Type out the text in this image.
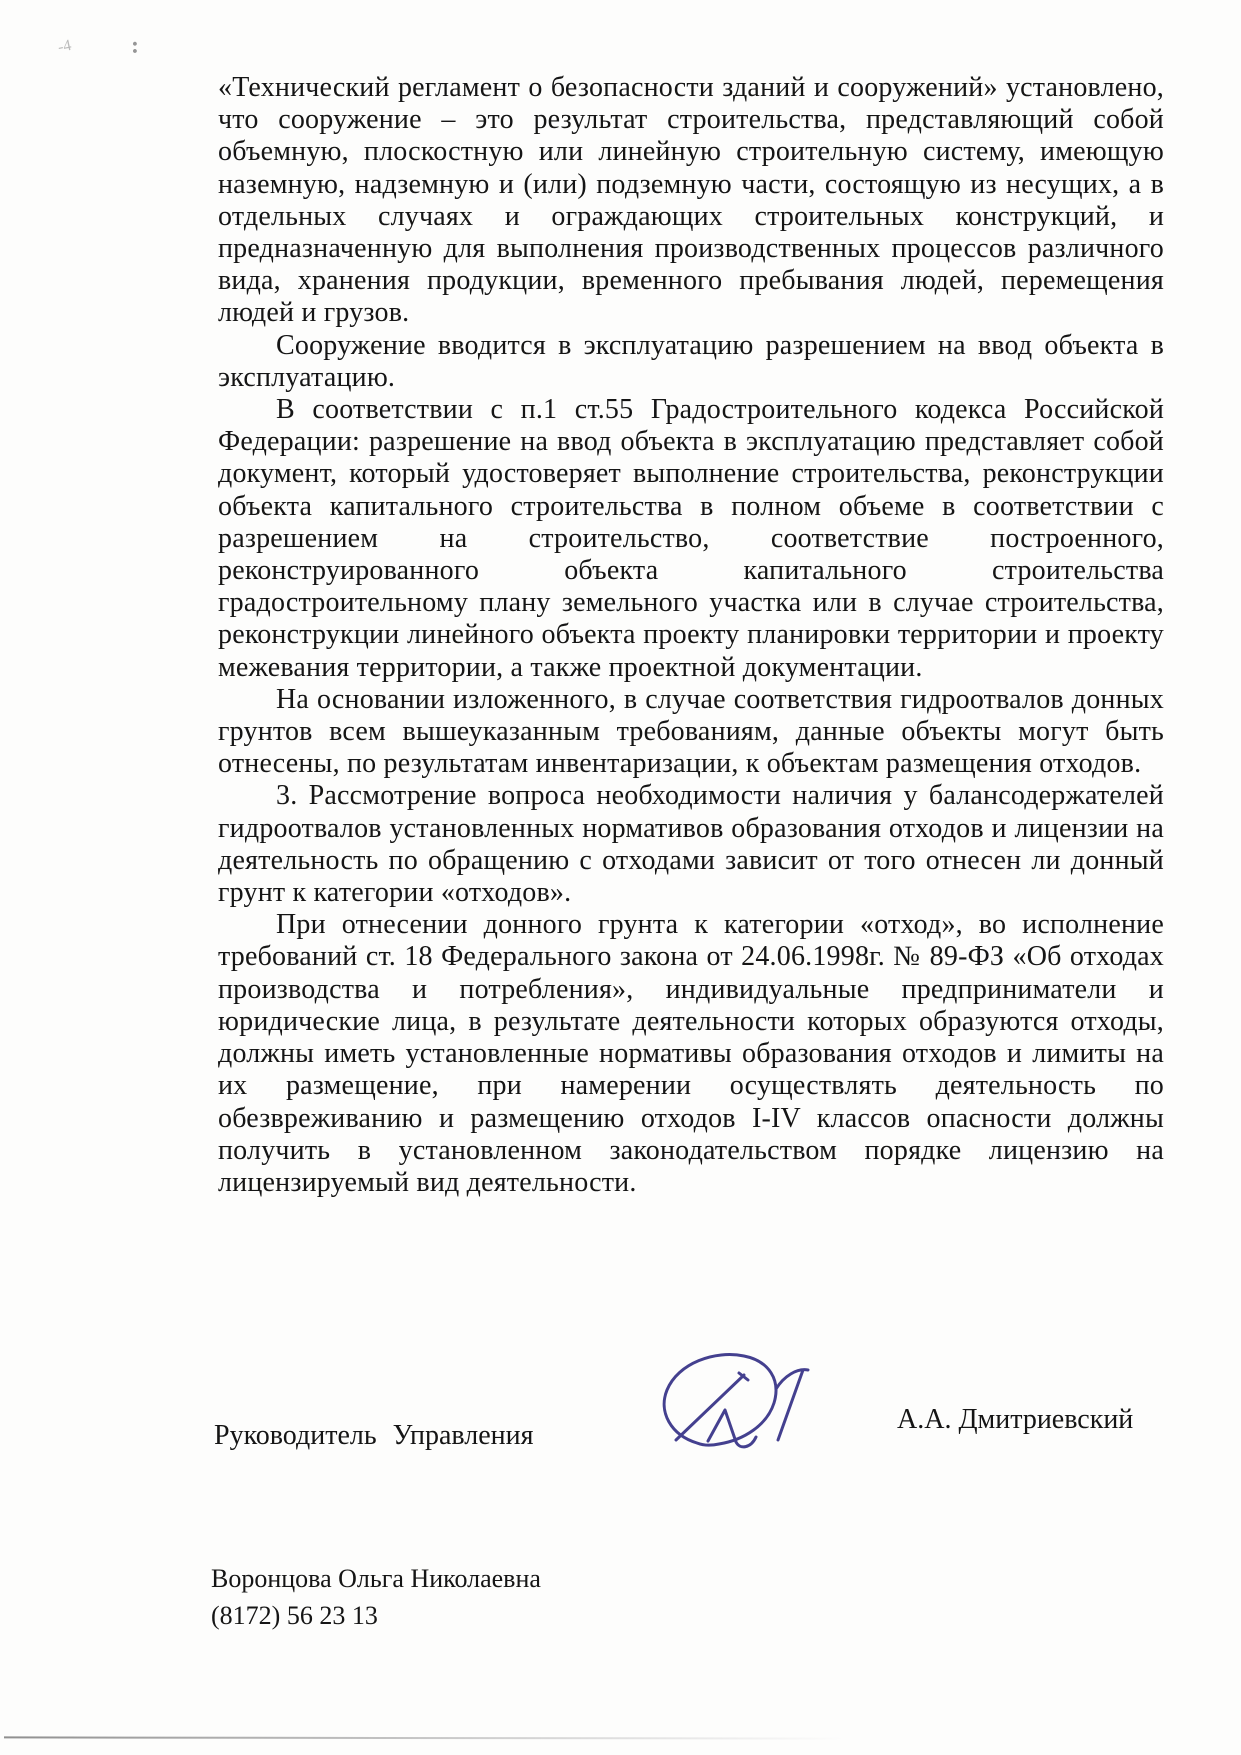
-4 :

«Технический регламент о безопасности зданий и сооружений» установлено, что сооружение – это результат строительства, представляющий собой объемную, плоскостную или линейную строительную систему, имеющую наземную, надземную и (или) подземную части, состоящую из несущих, а в отдельных случаях и ограждающих строительных конструкций, и предназначенную для выполнения производственных процессов различного вида, хранения продукции, временного пребывания людей, перемещения людей и грузов.

Сооружение вводится в эксплуатацию разрешением на ввод объекта в эксплуатацию.

В соответствии с п.1 ст.55 Градостроительного кодекса Российской Федерации: разрешение на ввод объекта в эксплуатацию представляет собой документ, который удостоверяет выполнение строительства, реконструкции объекта капитального строительства в полном объеме в соответствии с разрешением на строительство, соответствие построенного, реконструированного объекта капитального строительства градостроительному плану земельного участка или в случае строительства, реконструкции линейного объекта проекту планировки территории и проекту межевания территории, а также проектной документации.

На основании изложенного, в случае соответствия гидроотвалов донных грунтов всем вышеуказанным требованиям, данные объекты могут быть отнесены, по результатам инвентаризации, к объектам размещения отходов.

3. Рассмотрение вопроса необходимости наличия у балансодержателей гидроотвалов установленных нормативов образования отходов и лицензии на деятельность по обращению с отходами зависит от того отнесен ли донный грунт к категории «отходов».

При отнесении донного грунта к категории «отход», во исполнение требований ст. 18 Федерального закона от 24.06.1998г. № 89-ФЗ «Об отходах производства и потребления», индивидуальные предприниматели и юридические лица, в результате деятельности которых образуются отходы, должны иметь установленные нормативы образования отходов и лимиты на их размещение, при намерении осуществлять деятельность по обезвреживанию и размещению отходов I-IV классов опасности должны получить в установленном законодательством порядке лицензию на лицензируемый вид деятельности.

Руководитель Управления
А.А. Дмитриевский
Воронцова Ольга Николаевна
(8172) 56 23 13
